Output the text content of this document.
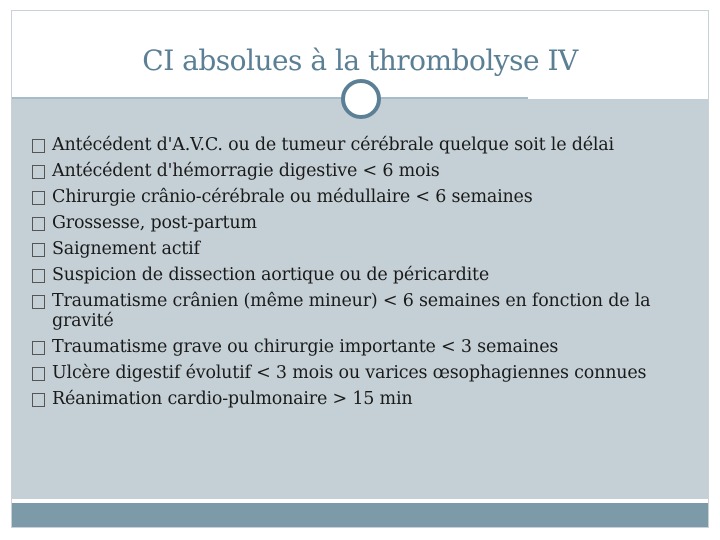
CI absolues à la thrombolyse IV
Antécédent d'A.V.C. ou de tumeur cérébrale quelque soit le délai
Antécédent d'hémorragie digestive < 6 mois
Chirurgie crânio-cérébrale ou médullaire < 6 semaines
Grossesse, post-partum
Saignement actif
Suspicion de dissection aortique ou de péricardite
Traumatisme crânien (même mineur) < 6 semaines en fonction de la gravité
Traumatisme grave ou chirurgie importante < 3 semaines
Ulcère digestif évolutif < 3 mois ou varices œsophagiennes connues
Réanimation cardio-pulmonaire > 15 min
